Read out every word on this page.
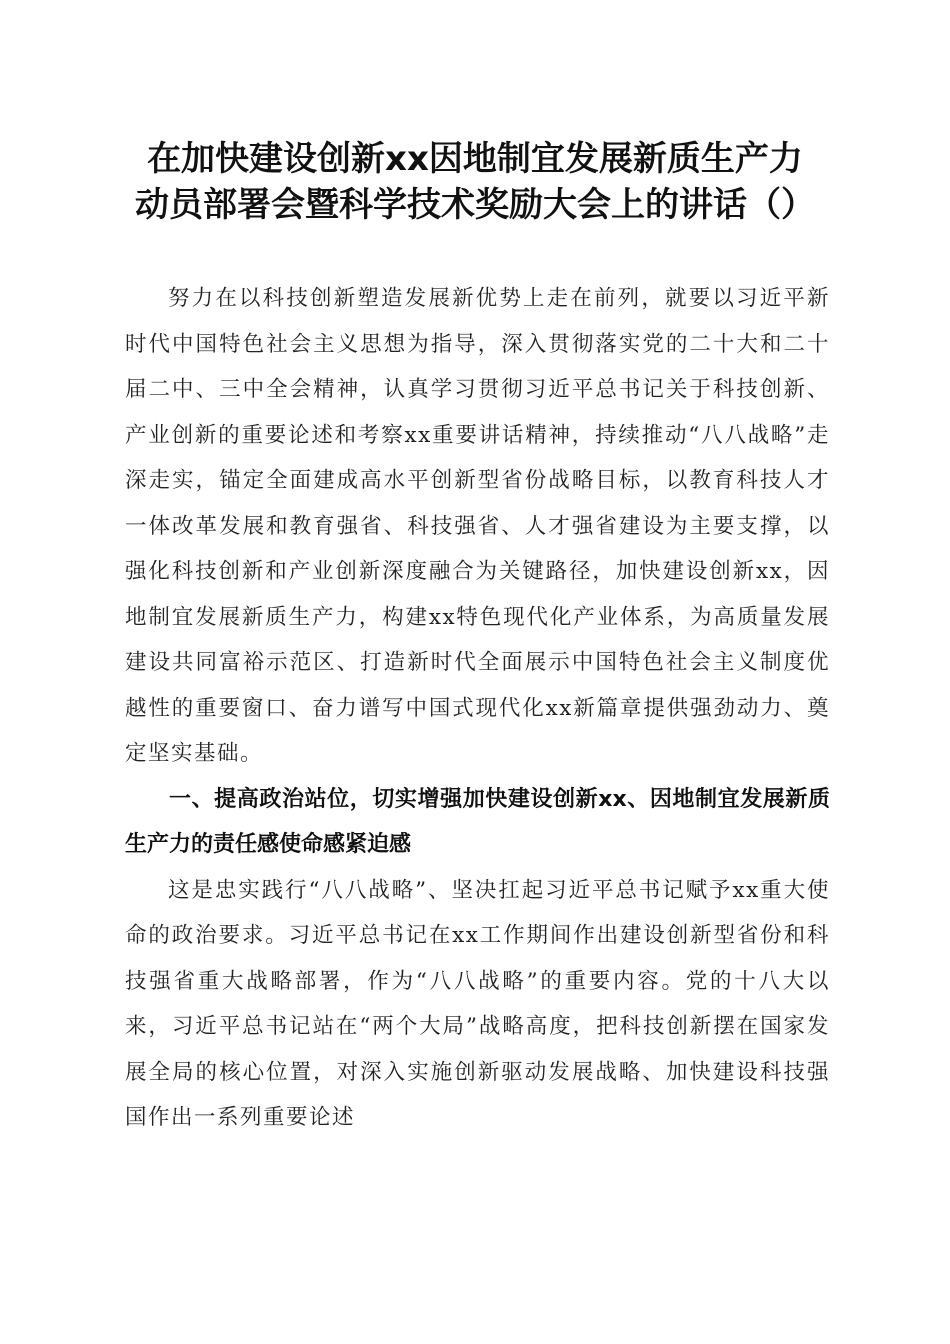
在加快建设创新xx因地制宜发展新质生产力
动员部署会暨科学技术奖励大会上的讲话（）

努力在以科技创新塑造发展新优势上走在前列，就要以习近平新时代中国特色社会主义思想为指导，深入贯彻落实党的二十大和二十届二中、三中全会精神，认真学习贯彻习近平总书记关于科技创新、产业创新的重要论述和考察xx重要讲话精神，持续推动“八八战略”走深走实，锚定全面建成高水平创新型省份战略目标，以教育科技人才一体改革发展和教育强省、科技强省、人才强省建设为主要支撑，以强化科技创新和产业创新深度融合为关键路径，加快建设创新xx，因地制宜发展新质生产力，构建xx特色现代化产业体系，为高质量发展建设共同富裕示范区、打造新时代全面展示中国特色社会主义制度优越性的重要窗口、奋力谱写中国式现代化xx新篇章提供强劲动力、奠定坚实基础。

一、提高政治站位，切实增强加快建设创新xx、因地制宜发展新质生产力的责任感使命感紧迫感

这是忠实践行“八八战略”、坚决扛起习近平总书记赋予xx重大使命的政治要求。习近平总书记在xx工作期间作出建设创新型省份和科技强省重大战略部署，作为“八八战略”的重要内容。党的十八大以来，习近平总书记站在“两个大局”战略高度，把科技创新摆在国家发展全局的核心位置，对深入实施创新驱动发展战略、加快建设科技强国作出一系列重要论述
